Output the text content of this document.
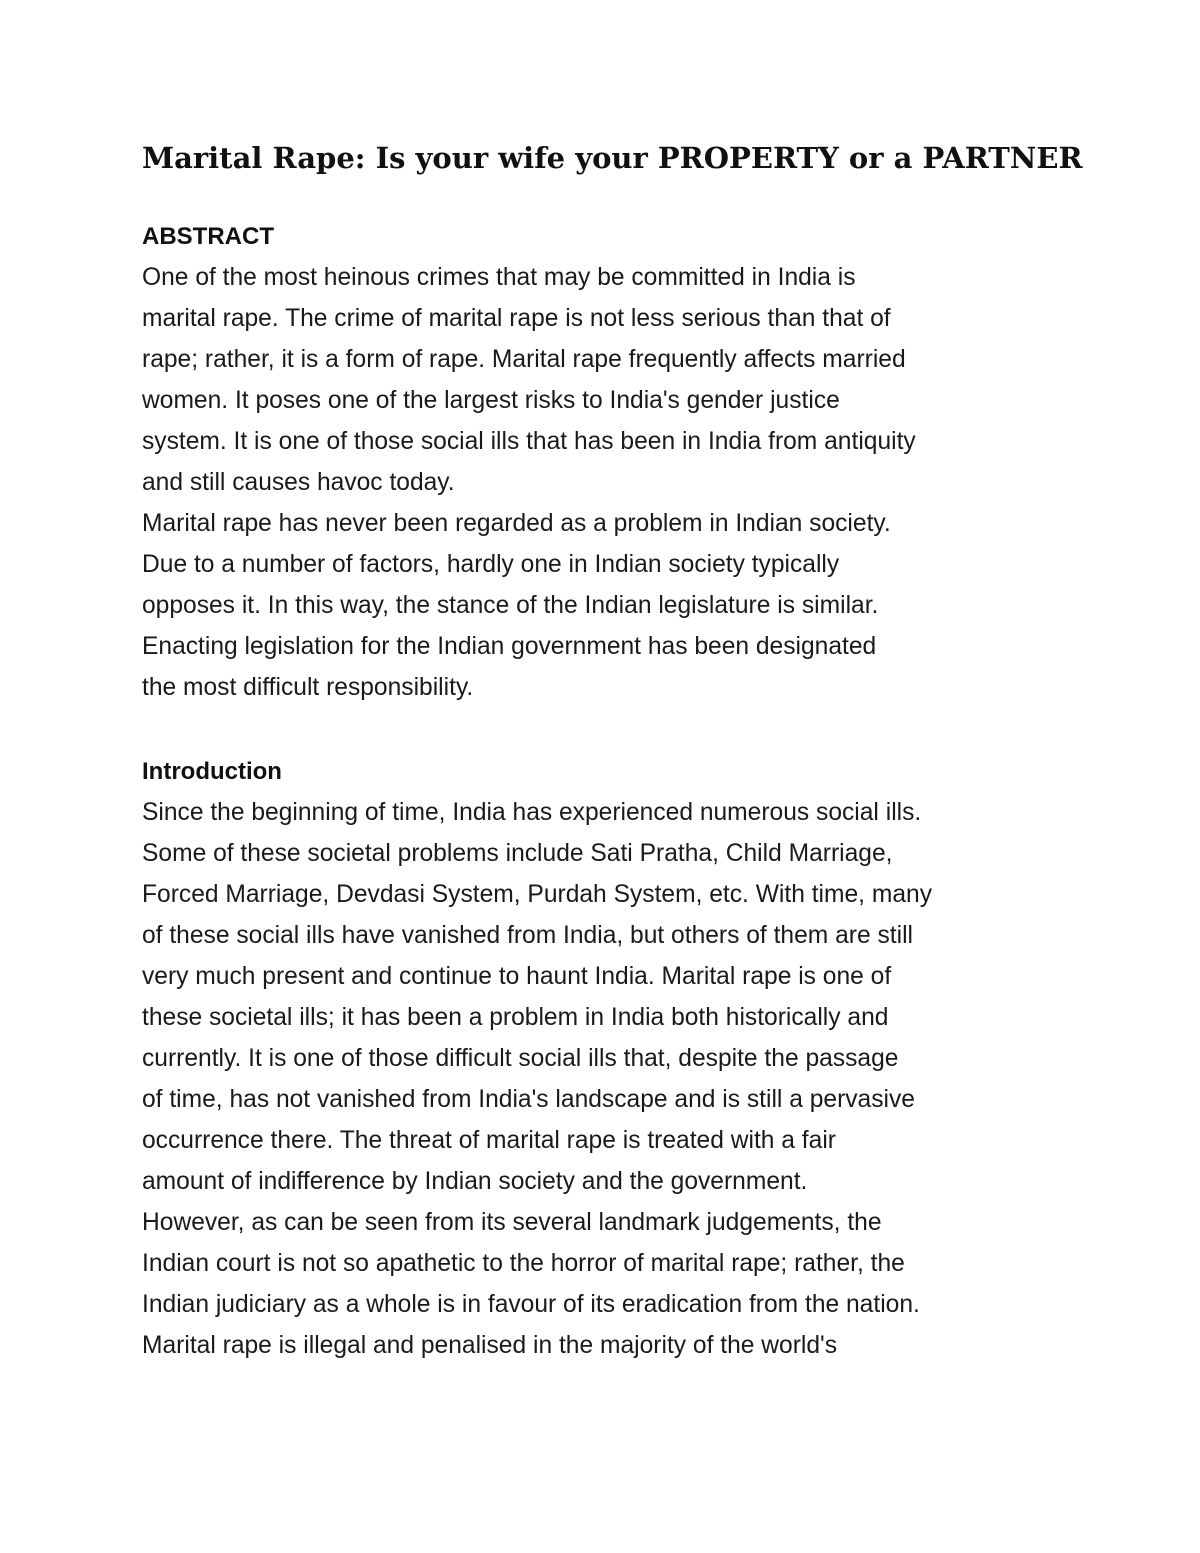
Marital Rape: Is your wife your PROPERTY or a PARTNER
ABSTRACT
One of the most heinous crimes that may be committed in India is
marital rape. The crime of marital rape is not less serious than that of
rape; rather, it is a form of rape. Marital rape frequently affects married
women. It poses one of the largest risks to India's gender justice
system. It is one of those social ills that has been in India from antiquity
and still causes havoc today.
Marital rape has never been regarded as a problem in Indian society.
Due to a number of factors, hardly one in Indian society typically
opposes it. In this way, the stance of the Indian legislature is similar.
Enacting legislation for the Indian government has been designated
the most difficult responsibility.
Introduction
Since the beginning of time, India has experienced numerous social ills.
Some of these societal problems include Sati Pratha, Child Marriage,
Forced Marriage, Devdasi System, Purdah System, etc. With time, many
of these social ills have vanished from India, but others of them are still
very much present and continue to haunt India. Marital rape is one of
these societal ills; it has been a problem in India both historically and
currently. It is one of those difficult social ills that, despite the passage
of time, has not vanished from India's landscape and is still a pervasive
occurrence there. The threat of marital rape is treated with a fair
amount of indifference by Indian society and the government.
However, as can be seen from its several landmark judgements, the
Indian court is not so apathetic to the horror of marital rape; rather, the
Indian judiciary as a whole is in favour of its eradication from the nation.
Marital rape is illegal and penalised in the majority of the world's
